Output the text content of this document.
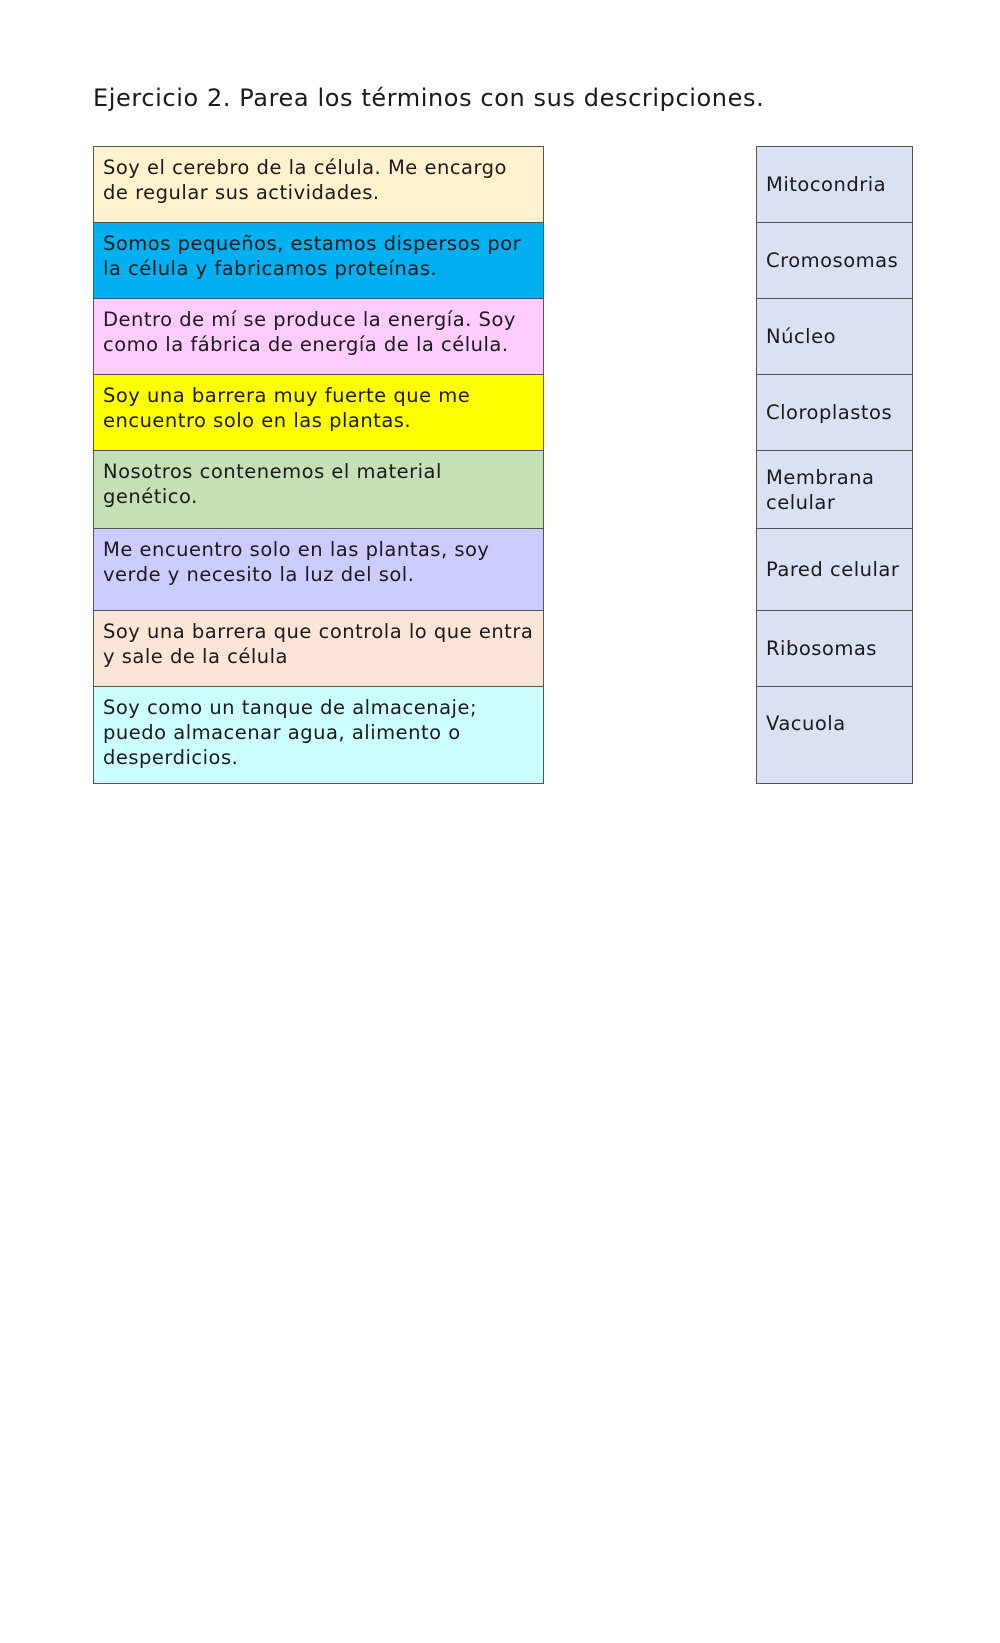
Ejercicio 2. Parea los términos con sus descripciones.
Soy el cerebro de la célula. Me encargo de regular sus actividades.
Somos pequeños, estamos dispersos por la célula y fabricamos proteínas.
Dentro de mí se produce la energía. Soy como la fábrica de energía de la célula.
Soy una barrera muy fuerte que me encuentro solo en las plantas.
Nosotros contenemos el material genético.
Me encuentro solo en las plantas, soy verde y necesito la luz del sol.
Soy una barrera que controla lo que entra y sale de la célula
Soy como un tanque de almacenaje; puedo almacenar agua, alimento o desperdicios.
Mitocondria
Cromosomas
Núcleo
Cloroplastos
Membrana celular
Pared celular
Ribosomas
Vacuola
